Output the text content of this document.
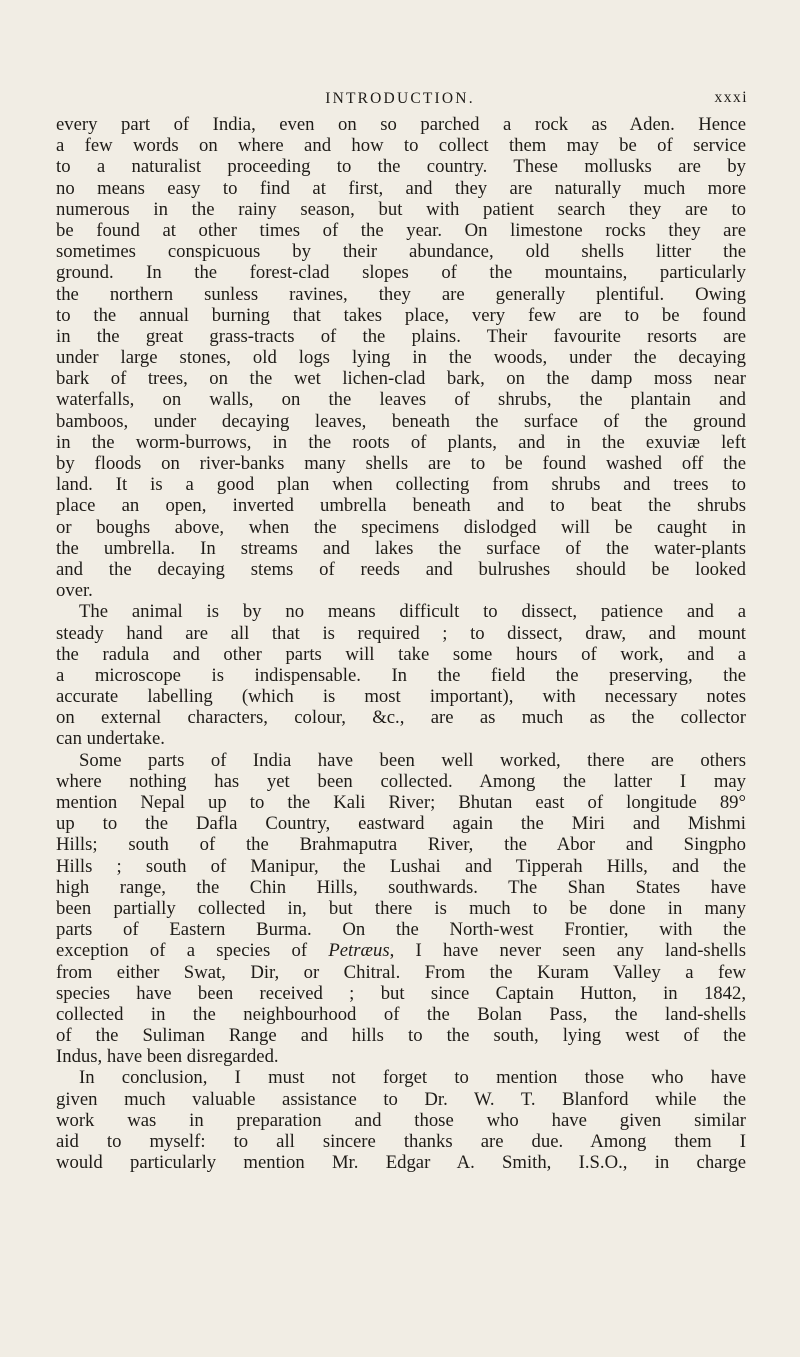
INTRODUCTION.	xxxi
every part of India, even on so parched a rock as Aden. Hence
a few words on where and how to collect them may be of service
to a naturalist proceeding to the country. These mollusks are by
no means easy to find at first, and they are naturally much more
numerous in the rainy season, but with patient search they are to
be found at other times of the year. On limestone rocks they are
sometimes conspicuous by their abundance, old shells litter the
ground. In the forest-clad slopes of the mountains, particularly
the northern sunless ravines, they are generally plentiful. Owing
to the annual burning that takes place, very few are to be found
in the great grass-tracts of the plains. Their favourite resorts are
under large stones, old logs lying in the woods, under the decaying
bark of trees, on the wet lichen-clad bark, on the damp moss near
waterfalls, on walls, on the leaves of shrubs, the plantain and
bamboos, under decaying leaves, beneath the surface of the ground
in the worm-burrows, in the roots of plants, and in the exuviæ left
by floods on river-banks many shells are to be found washed off the
land. It is a good plan when collecting from shrubs and trees to
place an open, inverted umbrella beneath and to beat the shrubs
or boughs above, when the specimens dislodged will be caught in
the umbrella. In streams and lakes the surface of the water-plants
and the decaying stems of reeds and bulrushes should be looked
over.
The animal is by no means difficult to dissect, patience and a
steady hand are all that is required ; to dissect, draw, and mount
the radula and other parts will take some hours of work, and a
a microscope is indispensable. In the field the preserving, the
accurate labelling (which is most important), with necessary notes
on external characters, colour, &c., are as much as the collector
can undertake.
Some parts of India have been well worked, there are others
where nothing has yet been collected. Among the latter I may
mention Nepal up to the Kali River; Bhutan east of longitude 89°
up to the Dafla Country, eastward again the Miri and Mishmi
Hills; south of the Brahmaputra River, the Abor and Singpho
Hills ; south of Manipur, the Lushai and Tipperah Hills, and the
high range, the Chin Hills, southwards. The Shan States have
been partially collected in, but there is much to be done in many
parts of Eastern Burma. On the North-west Frontier, with the
exception of a species of Petræus, I have never seen any land-shells
from either Swat, Dir, or Chitral. From the Kuram Valley a few
species have been received ; but since Captain Hutton, in 1842,
collected in the neighbourhood of the Bolan Pass, the land-shells
of the Suliman Range and hills to the south, lying west of the
Indus, have been disregarded.
In conclusion, I must not forget to mention those who have
given much valuable assistance to Dr. W. T. Blanford while the
work was in preparation and those who have given similar
aid to myself: to all sincere thanks are due. Among them I
would particularly mention Mr. Edgar A. Smith, I.S.O., in charge
